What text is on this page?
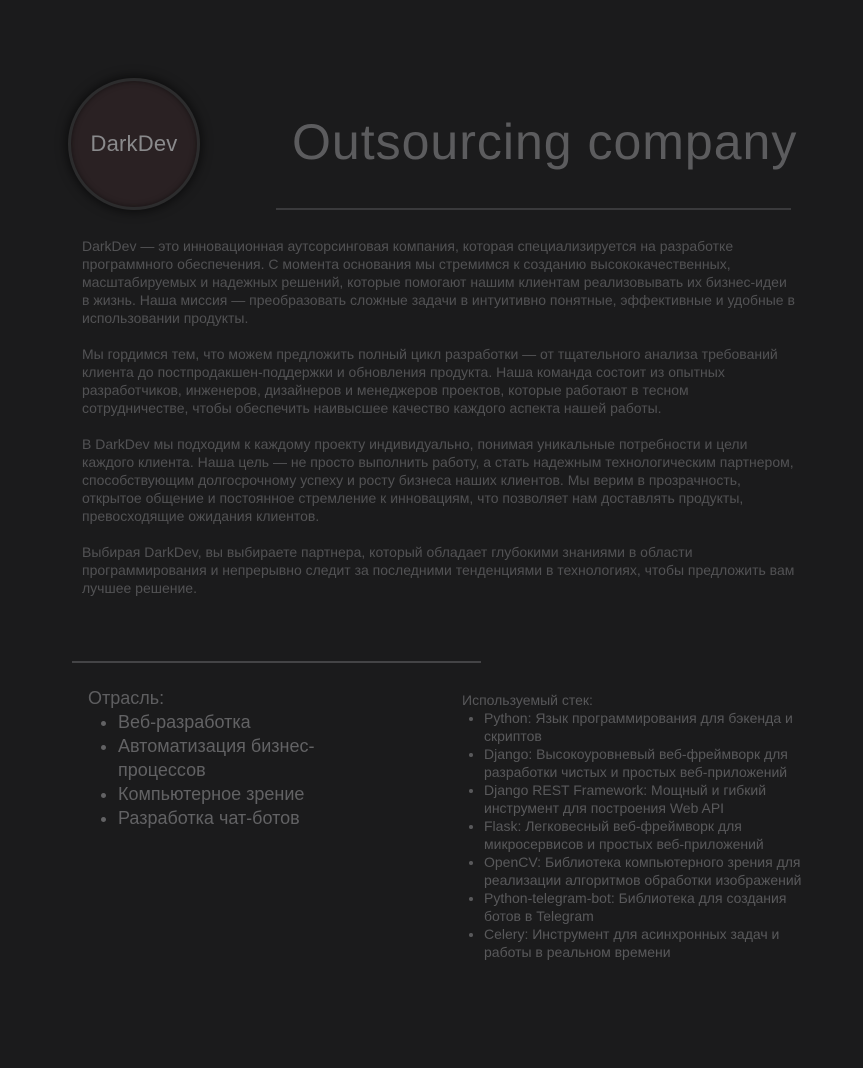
DarkDev Outsourcing company

DarkDev — это инновационная аутсорсинговая компания, которая специализируется на разработке программного обеспечения. С момента основания мы стремимся к созданию высококачественных, масштабируемых и надежных решений, которые помогают нашим клиентам реализовывать их бизнес-идеи в жизнь. Наша миссия — преобразовать сложные задачи в интуитивно понятные, эффективные и удобные в использовании продукты.

Мы гордимся тем, что можем предложить полный цикл разработки — от тщательного анализа требований клиента до постпродакшен-поддержки и обновления продукта. Наша команда состоит из опытных разработчиков, инженеров, дизайнеров и менеджеров проектов, которые работают в тесном сотрудничестве, чтобы обеспечить наивысшее качество каждого аспекта нашей работы.

В DarkDev мы подходим к каждому проекту индивидуально, понимая уникальные потребности и цели каждого клиента. Наша цель — не просто выполнить работу, а стать надежным технологическим партнером, способствующим долгосрочному успеху и росту бизнеса наших клиентов. Мы верим в прозрачность, открытое общение и постоянное стремление к инновациям, что позволяет нам доставлять продукты, превосходящие ожидания клиентов.

Выбирая DarkDev, вы выбираете партнера, который обладает глубокими знаниями в области программирования и непрерывно следит за последними тенденциями в технологиях, чтобы предложить вам лучшее решение.

Отрасль:
• Веб-разработка
• Автоматизация бизнес-процессов
• Компьютерное зрение
• Разработка чат-ботов
Используемый стек:
• Python: Язык программирования для бэкенда и скриптов
• Django: Высокоуровневый веб-фреймворк для разработки чистых и простых веб-приложений
• Django REST Framework: Мощный и гибкий инструмент для построения Web API
• Flask: Легковесный веб-фреймворк для микросервисов и простых веб-приложений
• OpenCV: Библиотека компьютерного зрения для реализации алгоритмов обработки изображений
• Python-telegram-bot: Библиотека для создания ботов в Telegram
• Celery: Инструмент для асинхронных задач и работы в реальном времени
